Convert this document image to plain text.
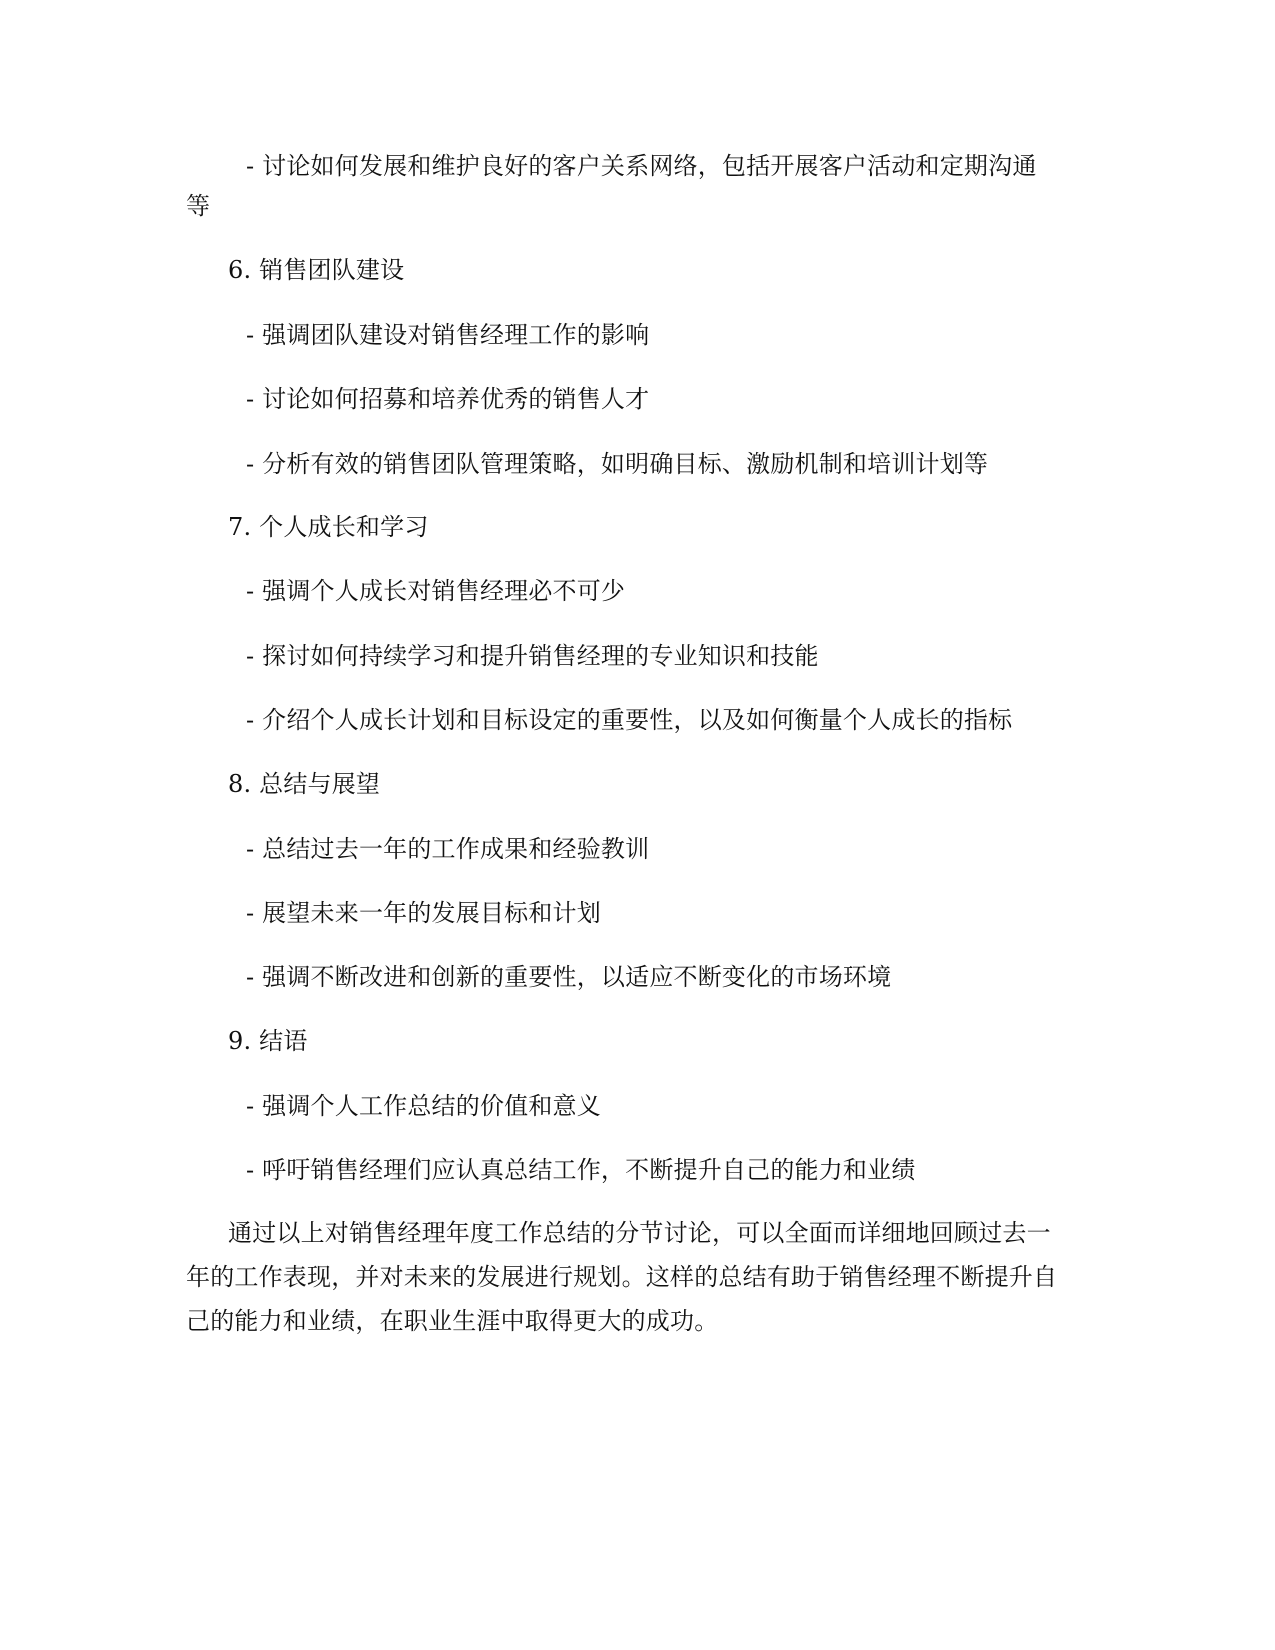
- 讨论如何发展和维护良好的客户关系网络，包括开展客户活动和定期沟通
等
6. 销售团队建设
- 强调团队建设对销售经理工作的影响
- 讨论如何招募和培养优秀的销售人才
- 分析有效的销售团队管理策略，如明确目标、激励机制和培训计划等
7. 个人成长和学习
- 强调个人成长对销售经理必不可少
- 探讨如何持续学习和提升销售经理的专业知识和技能
- 介绍个人成长计划和目标设定的重要性，以及如何衡量个人成长的指标
8. 总结与展望
- 总结过去一年的工作成果和经验教训
- 展望未来一年的发展目标和计划
- 强调不断改进和创新的重要性，以适应不断变化的市场环境
9. 结语
- 强调个人工作总结的价值和意义
- 呼吁销售经理们应认真总结工作，不断提升自己的能力和业绩
通过以上对销售经理年度工作总结的分节讨论，可以全面而详细地回顾过去一
年的工作表现，并对未来的发展进行规划。这样的总结有助于销售经理不断提升自
己的能力和业绩，在职业生涯中取得更大的成功。
